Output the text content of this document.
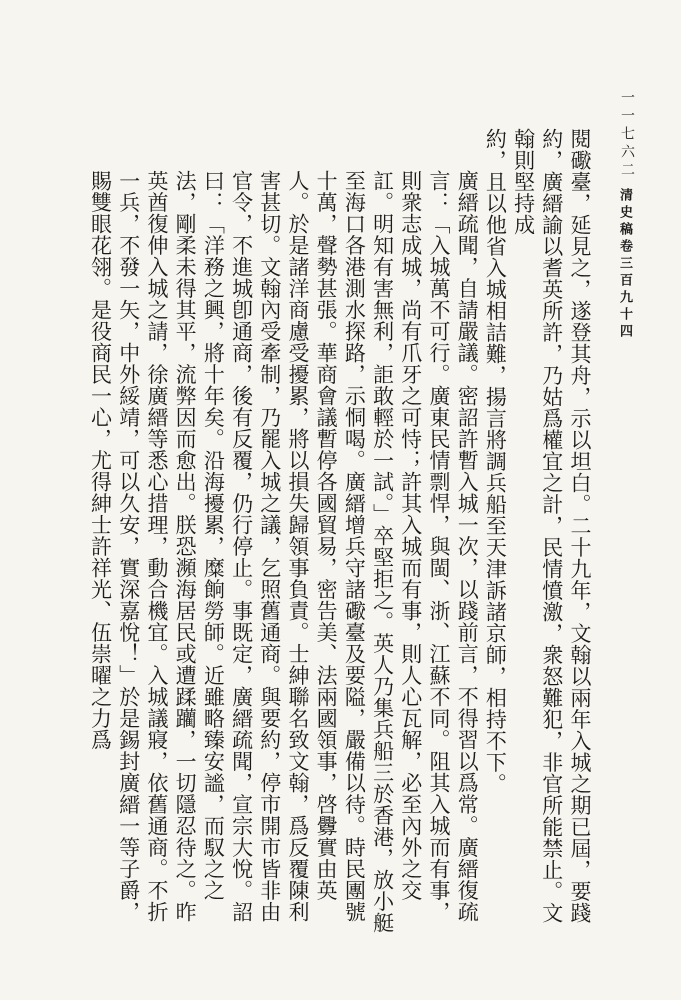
一一七六二
清史稿卷三百九十四

閱礮臺，延見之，遂登其舟，示以坦白。二十九年，文翰以兩年入城之期已屆，要踐約，廣縉諭以耆英所許，乃姑爲權宜之計，民情憤激，衆怒難犯，非官所能禁止。文翰則堅持成

約，且以他省入城相詰難，揚言將調兵船至天津訴諸京師，相持不下。

廣縉疏聞，自請嚴議。密詔許暫入城一次，以踐前言，不得習以爲常。廣縉復疏言：「入城萬不可行。廣東民情剽悍，與閩、浙、江蘇不同。阻其入城而有事，則衆志成城，尚有爪牙之可恃；許其入城而有事，則人心瓦解，必至內外之交訌。明知有害無利，詎敢輕於一試。」卒堅拒之。英人乃集兵船三於香港，放小艇至海口各港測水探路，示恫喝。廣縉增兵守諸礮臺及要隘，嚴備以待。時民團號十萬，聲勢甚張。華商會議暫停各國貿易，密告美、法兩國領事，啓釁實由英人。於是諸洋商慮受擾累，將以損失歸領事負責。士紳聯名致文翰，爲反覆陳利害甚切。文翰內受牽制，乃罷入城之議，乞照舊通商。與要約，停市開市皆非由官令，不進城卽通商，後有反覆，仍行停止。事既定，廣縉疏聞，宣宗大悅。詔曰：「洋務之興，將十年矣。沿海擾累，糜餉勞師。近雖略臻安謐，而馭之之法，剛柔未得其平，流弊因而愈出。朕恐瀕海居民或遭蹂躪，一切隱忍待之。昨英酋復伸入城之請，徐廣縉等悉心措理，動合機宜。入城議寢，依舊通商。不折一兵，不發一矢，中外綏靖，可以久安，實深嘉悅！」於是錫封廣縉一等子爵，賜雙眼花翎。是役商民一心，尤得紳士許祥光、伍崇曜之力爲
